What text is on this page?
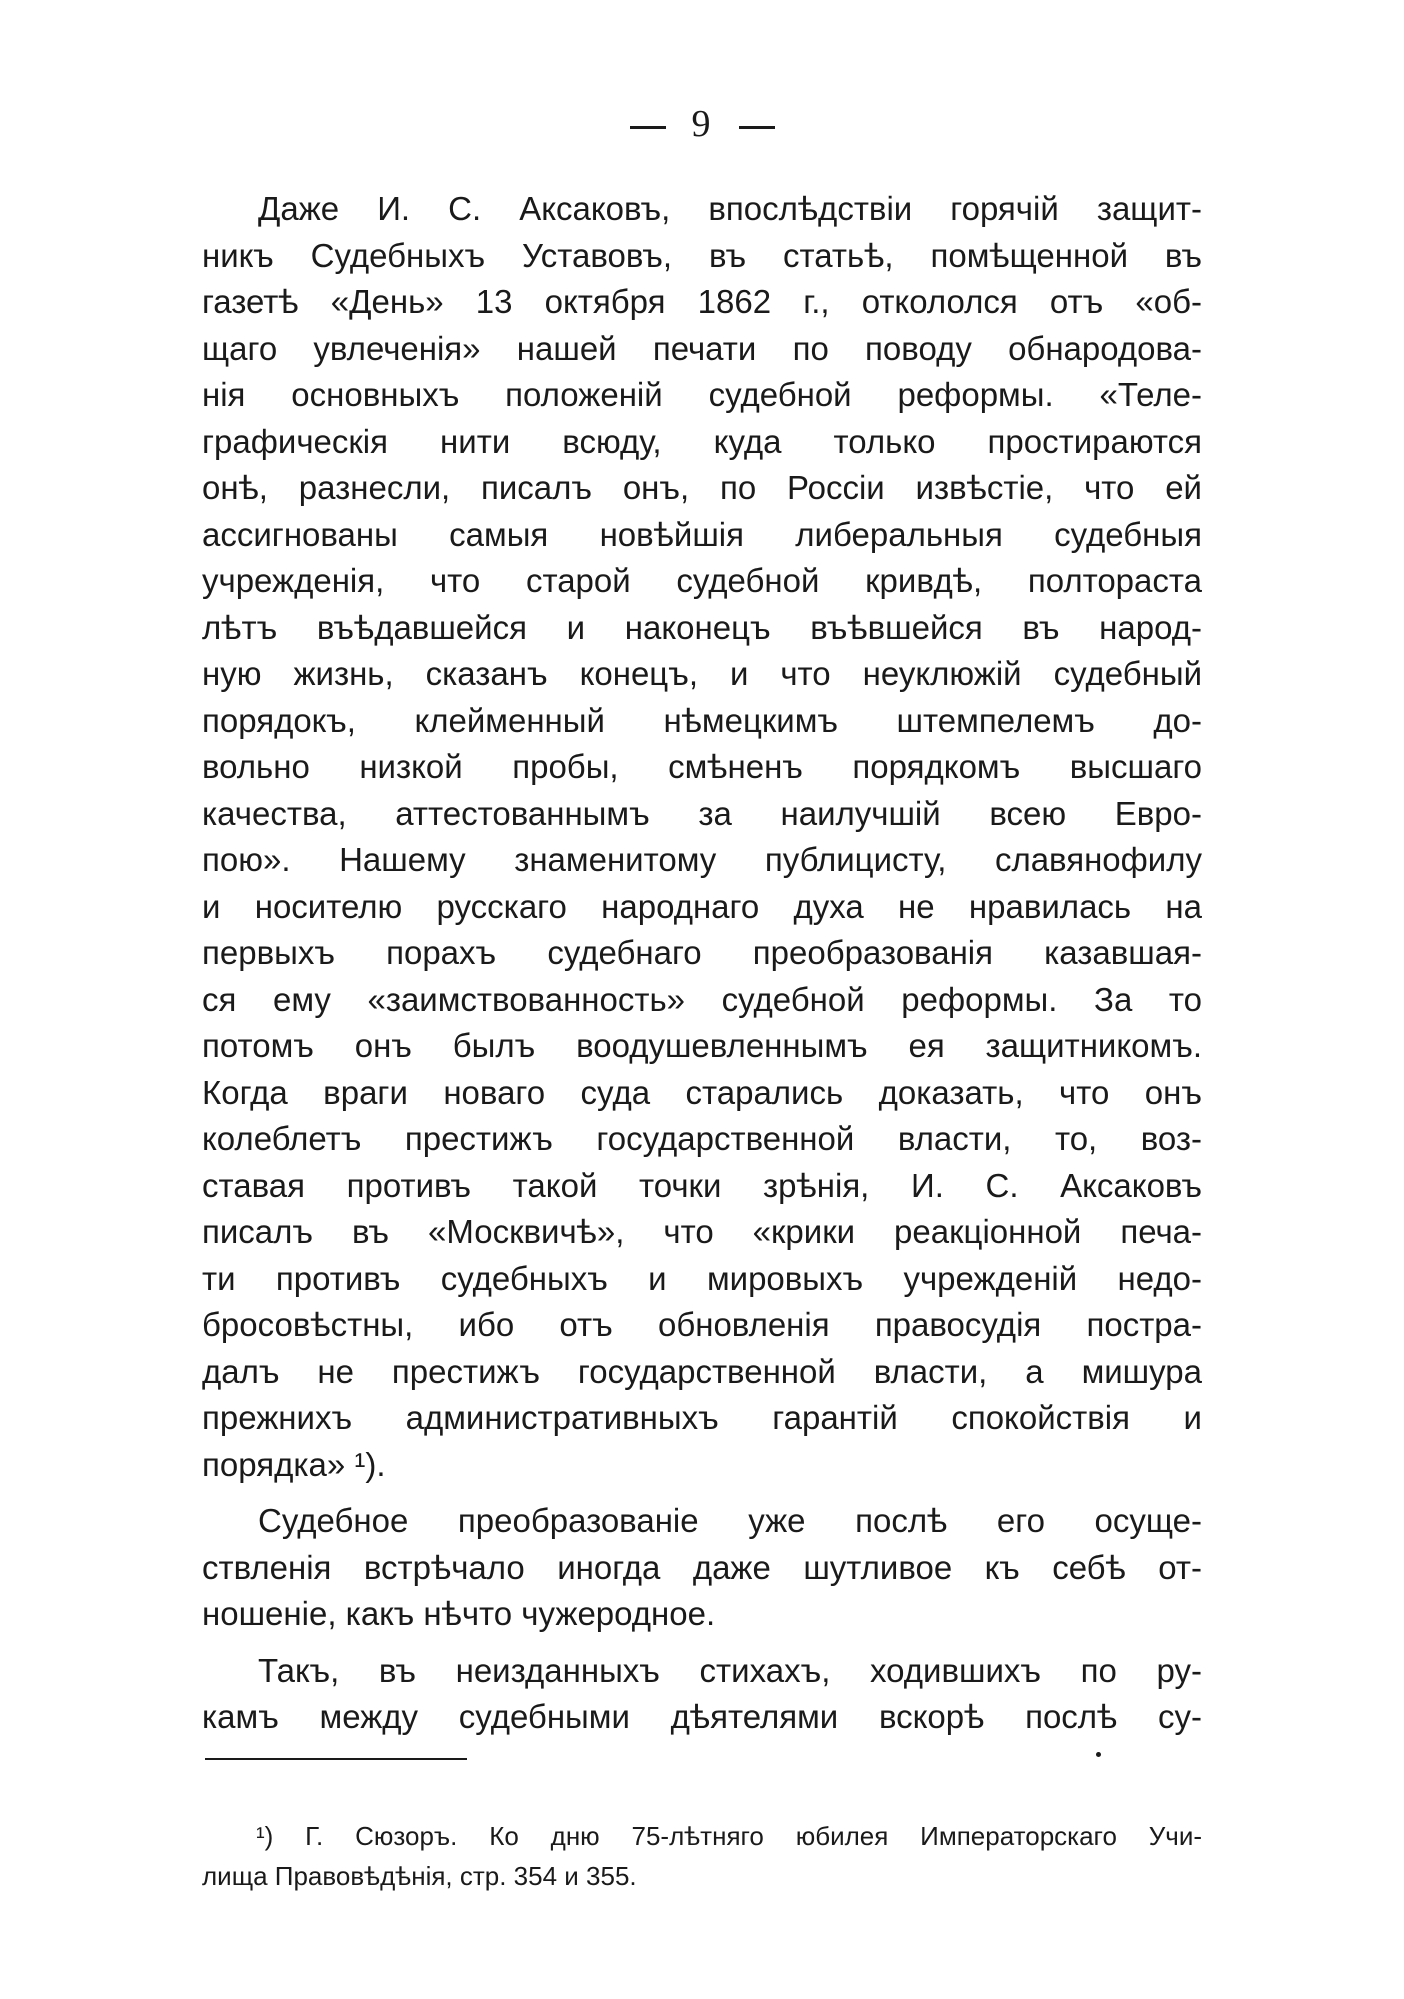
9
Даже И. С. Аксаковъ, впослѣдствіи горячій защит-
никъ Судебныхъ Уставовъ, въ статьѣ, помѣщенной въ
газетѣ «День» 13 октября 1862 г., откололся отъ «об-
щаго увлеченія» нашей печати по поводу обнародова-
нія основныхъ положеній судебной реформы. «Теле-
графическія нити всюду, куда только простираются
онѣ, разнесли, писалъ онъ, по Россіи извѣстіе, что ей
ассигнованы самыя новѣйшія либеральныя судебныя
учрежденія, что старой судебной кривдѣ, полтораста
лѣтъ въѣдавшейся и наконецъ въѣвшейся въ народ-
ную жизнь, сказанъ конецъ, и что неуклюжій судебный
порядокъ, клейменный нѣмецкимъ штемпелемъ до-
вольно низкой пробы, смѣненъ порядкомъ высшаго
качества, аттестованнымъ за наилучшій всею Евро-
пою». Нашему знаменитому публицисту, славянофилу
и носителю русскаго народнаго духа не нравилась на
первыхъ порахъ судебнаго преобразованія казавшая-
ся ему «заимствованность» судебной реформы. За то
потомъ онъ былъ воодушевленнымъ ея защитникомъ.
Когда враги новаго суда старались доказать, что онъ
колеблетъ престижъ государственной власти, то, воз-
ставая противъ такой точки зрѣнія, И. С. Аксаковъ
писалъ въ «Москвичѣ», что «крики реакціонной печа-
ти противъ судебныхъ и мировыхъ учрежденій недо-
бросовѣстны, ибо отъ обновленія правосудія пострa-
далъ не престижъ государственной власти, а мишура
прежнихъ административныхъ гарантій спокойствія и
порядка» ¹).
Судебное преобразованіе уже послѣ его осуще-
ствленія встрѣчало иногда даже шутливое къ себѣ от-
ношеніе, какъ нѣчто чужеродное.
Такъ, въ неизданныхъ стихахъ, ходившихъ по ру-
камъ между судебными дѣятелями вскорѣ послѣ су-
¹) Г. Сюзоръ. Ко дню 75-лѣтняго юбилея Императорскаго Учи-
лища Правовѣдѣнія, стр. 354 и 355.
